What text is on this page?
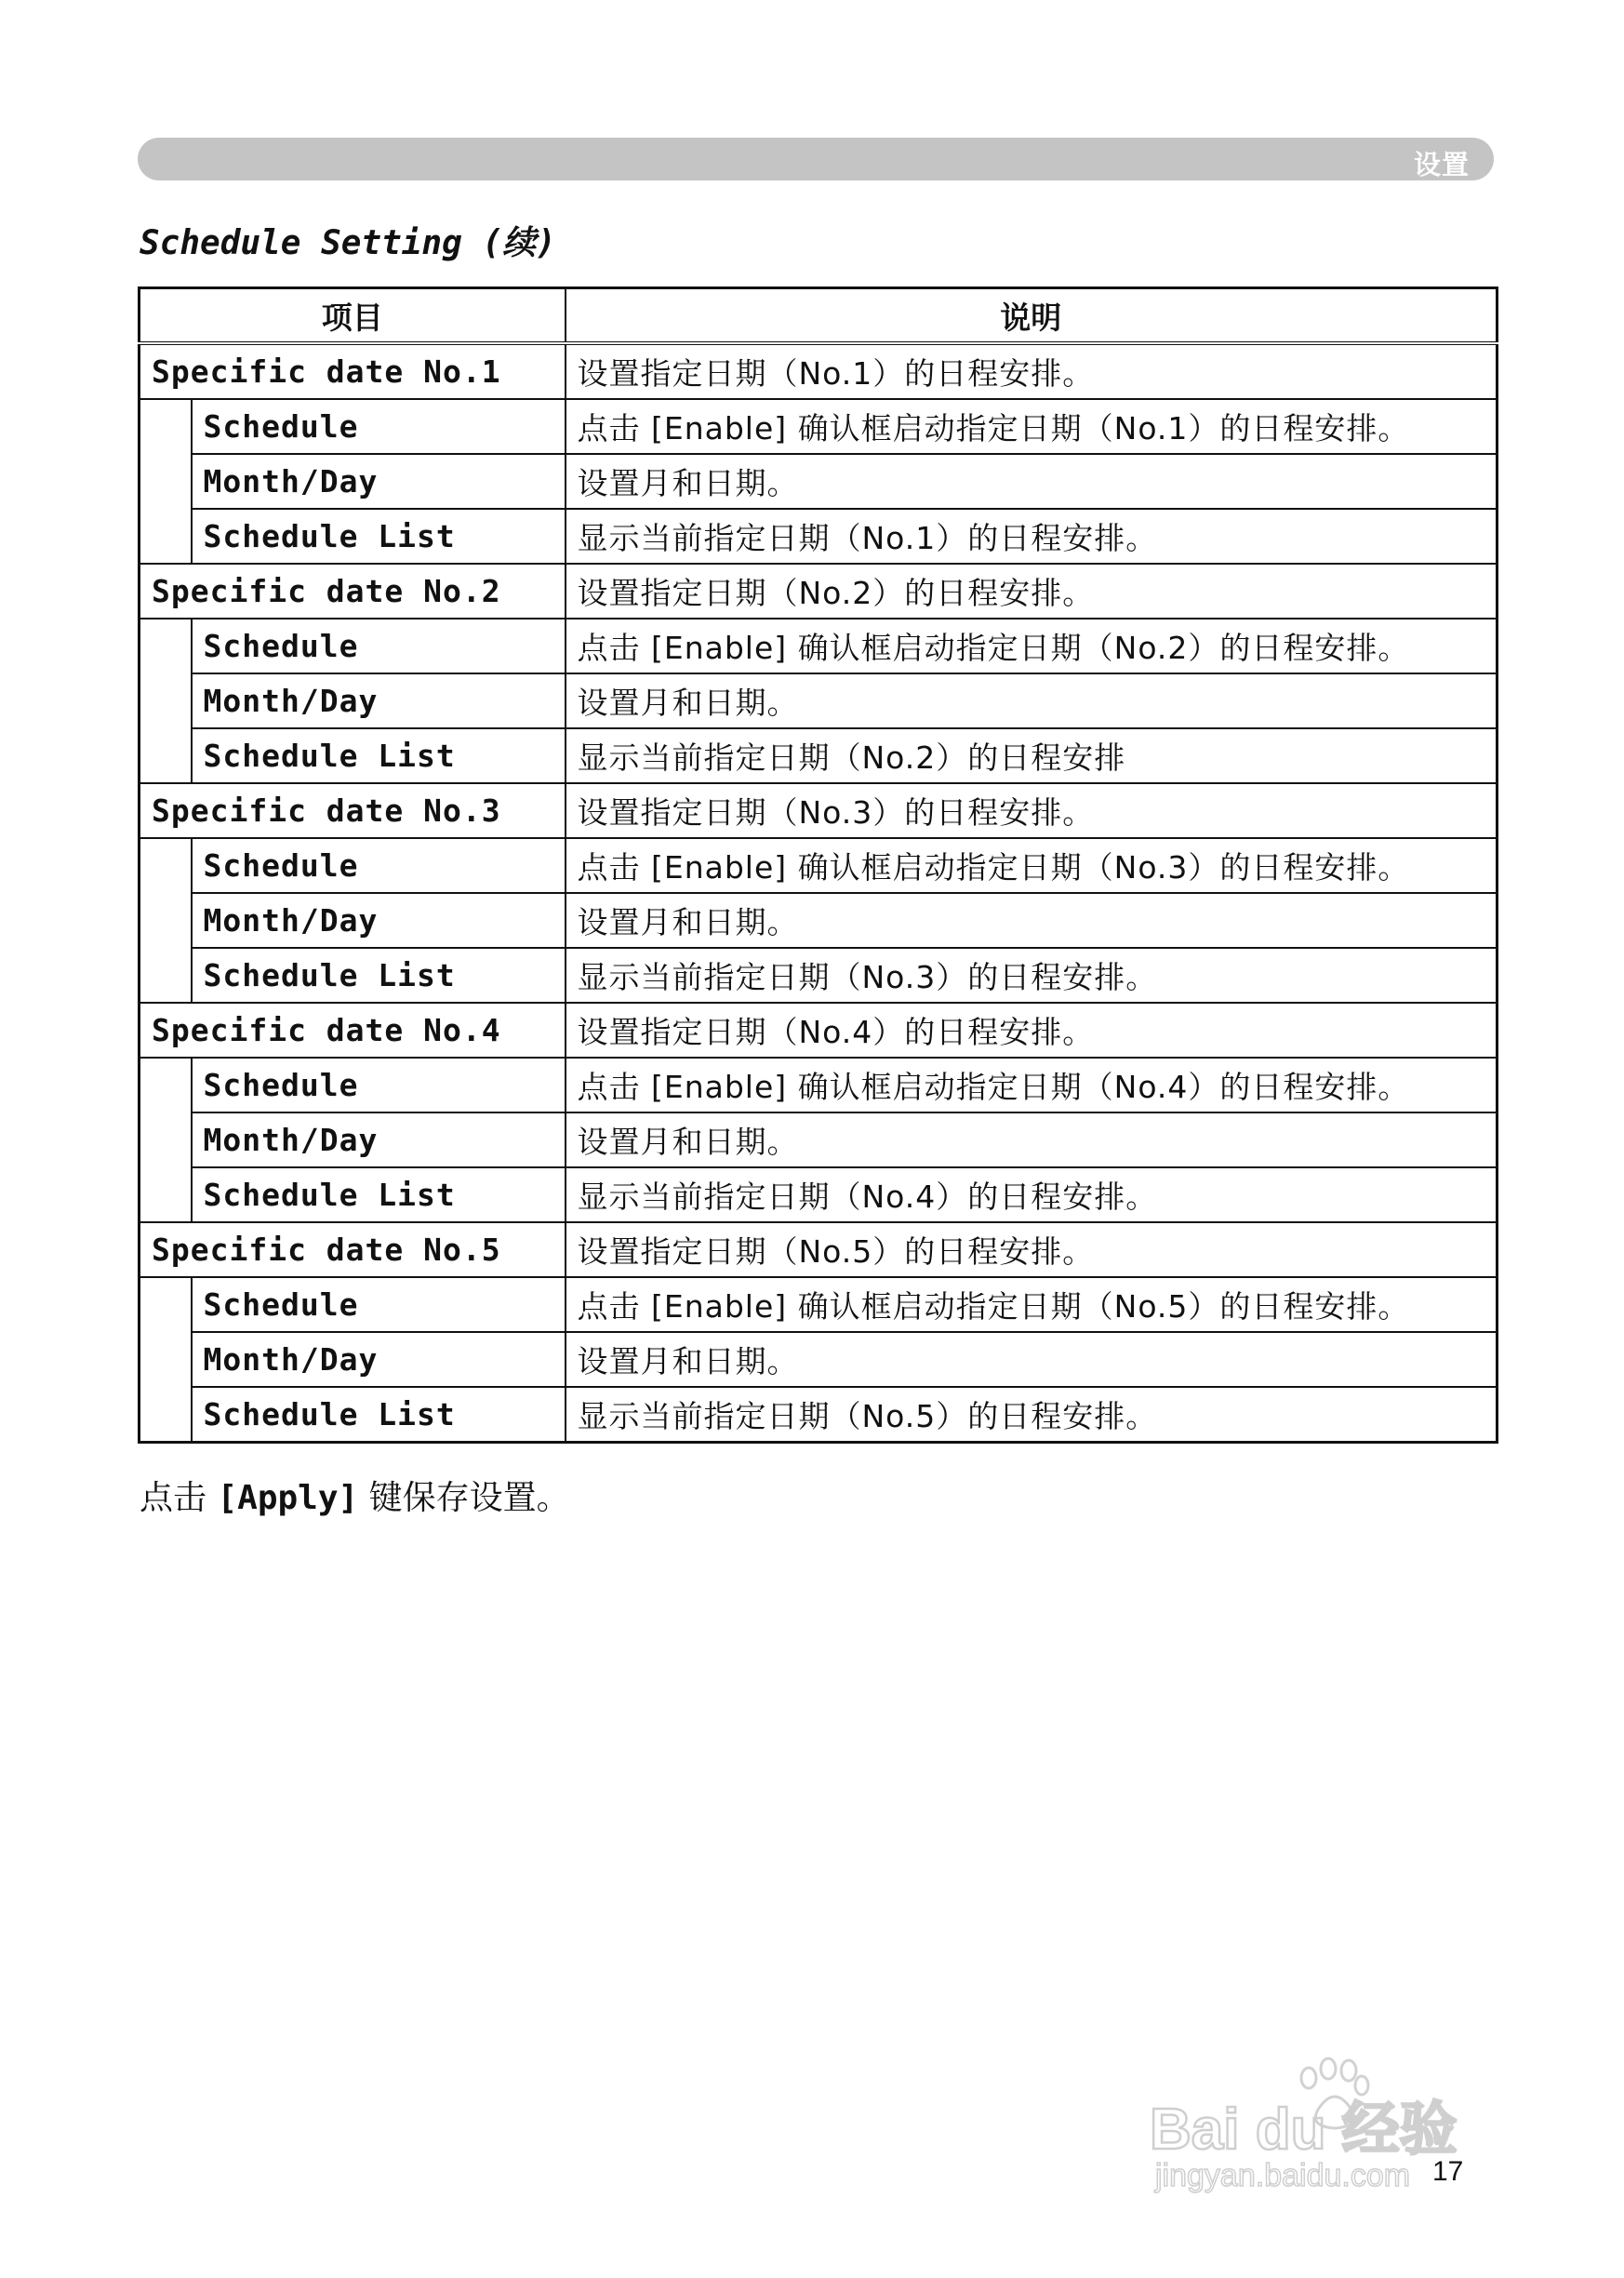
设置
Schedule Setting (续)
项目		说明
Specific date No.1		设置指定日期（No.1）的日程安排。
	Schedule	点击 [Enable] 确认框启动指定日期（No.1）的日程安排。
	Month/Day	设置月和日期。
	Schedule List	显示当前指定日期（No.1）的日程安排。
Specific date No.2		设置指定日期（No.2）的日程安排。
	Schedule	点击 [Enable] 确认框启动指定日期（No.2）的日程安排。
	Month/Day	设置月和日期。
	Schedule List	显示当前指定日期（No.2）的日程安排
Specific date No.3		设置指定日期（No.3）的日程安排。
	Schedule	点击 [Enable] 确认框启动指定日期（No.3）的日程安排。
	Month/Day	设置月和日期。
	Schedule List	显示当前指定日期（No.3）的日程安排。
Specific date No.4		设置指定日期（No.4）的日程安排。
	Schedule	点击 [Enable] 确认框启动指定日期（No.4）的日程安排。
	Month/Day	设置月和日期。
	Schedule List	显示当前指定日期（No.4）的日程安排。
Specific date No.5		设置指定日期（No.5）的日程安排。
	Schedule	点击 [Enable] 确认框启动指定日期（No.5）的日程安排。
	Month/Day	设置月和日期。
	Schedule List	显示当前指定日期（No.5）的日程安排。
点击 [Apply] 键保存设置。
Bai du 经验
jingyan.baidu.com 17
